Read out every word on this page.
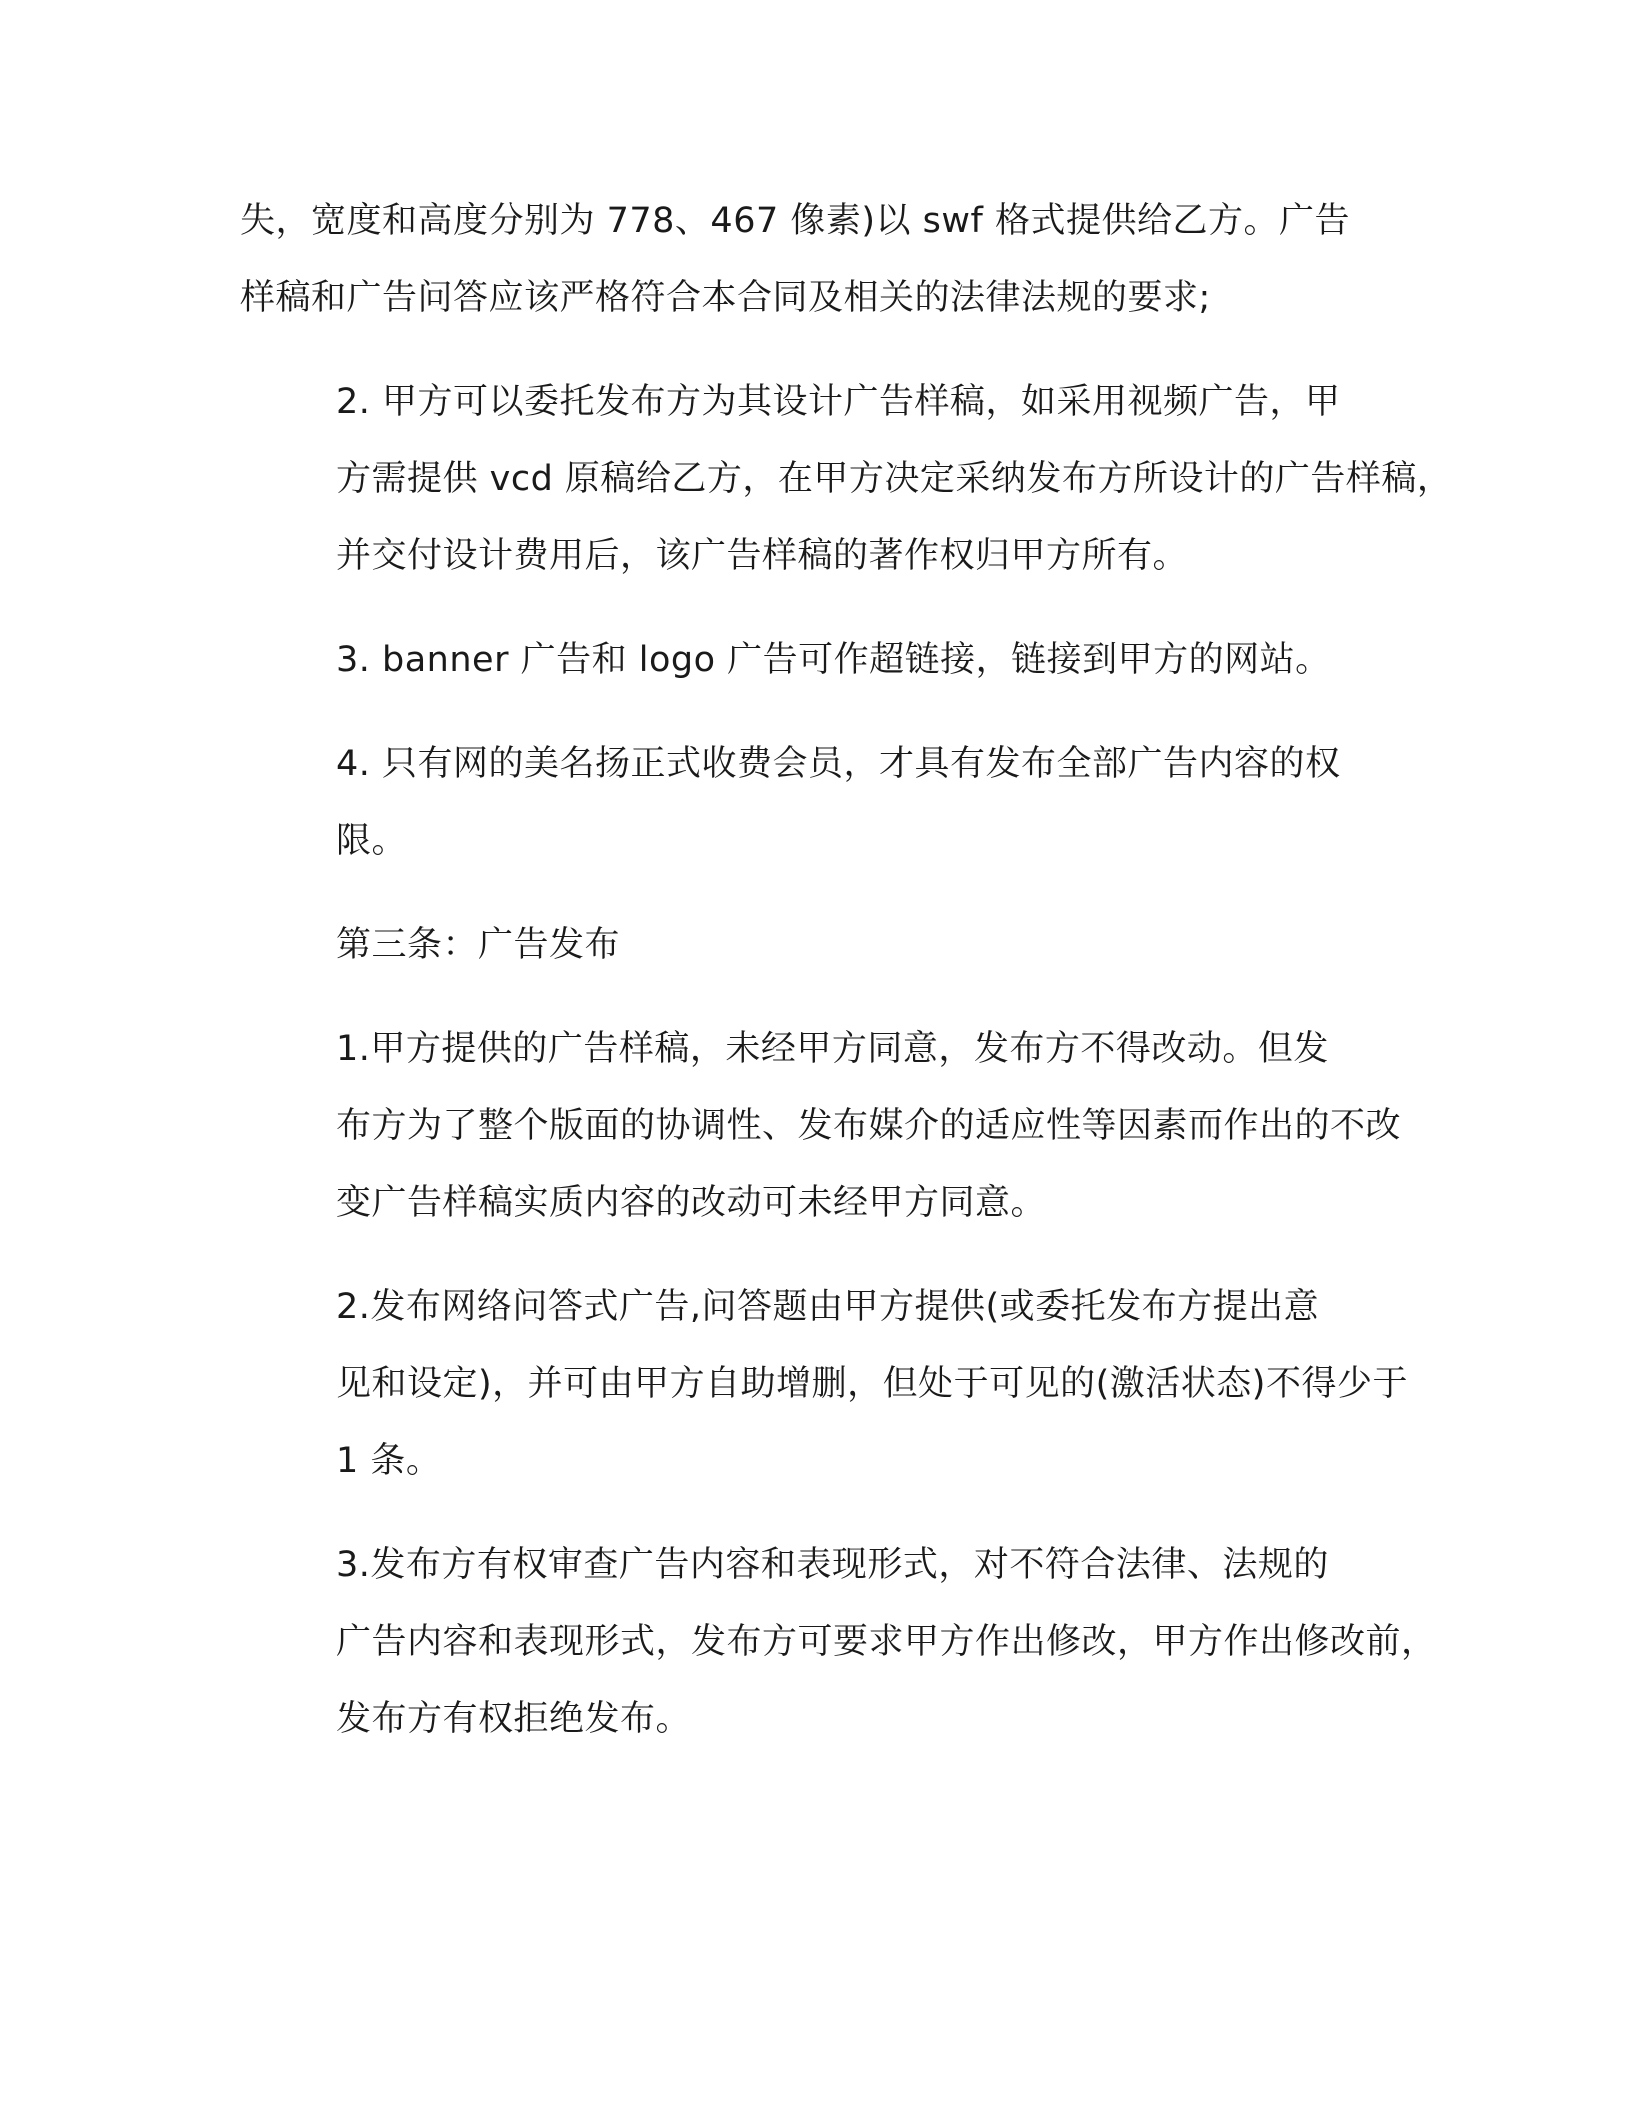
失，宽度和高度分别为 778、467 像素)以 swf 格式提供给乙方。广告
样稿和广告问答应该严格符合本合同及相关的法律法规的要求;

2. 甲方可以委托发布方为其设计广告样稿，如采用视频广告，甲
方需提供 vcd 原稿给乙方，在甲方决定采纳发布方所设计的广告样稿，
并交付设计费用后，该广告样稿的著作权归甲方所有。

3. banner 广告和 logo 广告可作超链接，链接到甲方的网站。

4. 只有网的美名扬正式收费会员，才具有发布全部广告内容的权
限。

第三条：广告发布

1.甲方提供的广告样稿，未经甲方同意，发布方不得改动。但发
布方为了整个版面的协调性、发布媒介的适应性等因素而作出的不改
变广告样稿实质内容的改动可未经甲方同意。

2.发布网络问答式广告,问答题由甲方提供(或委托发布方提出意
见和设定)，并可由甲方自助增删，但处于可见的(激活状态)不得少于
1 条。

3.发布方有权审查广告内容和表现形式，对不符合法律、法规的
广告内容和表现形式，发布方可要求甲方作出修改，甲方作出修改前，
发布方有权拒绝发布。
